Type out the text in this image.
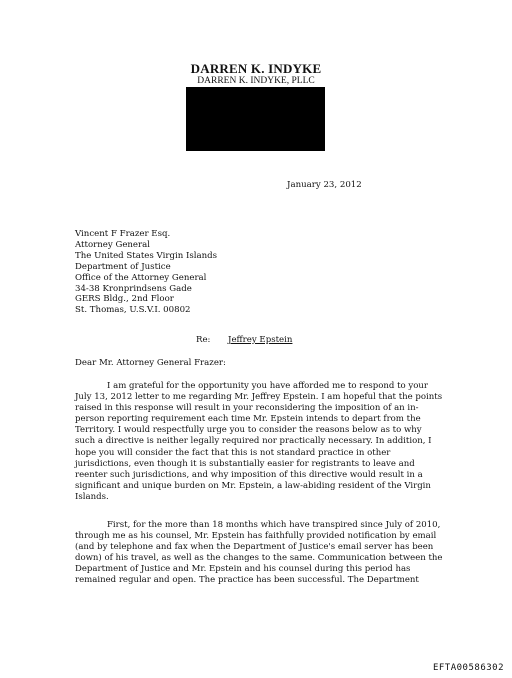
DARREN K. INDYKE
DARREN K. INDYKE, PLLC
January 23, 2012
Vincent F Frazer Esq.
Attorney General
The United States Virgin Islands
Department of Justice
Office of the Attorney General
34-38 Kronprindsens Gade
GERS Bldg., 2nd Floor
St. Thomas, U.S.V.I. 00802
Re: Jeffrey Epstein
Dear Mr. Attorney General Frazer:
I am grateful for the opportunity you have afforded me to respond to your
July 13, 2012 letter to me regarding Mr. Jeffrey Epstein. I am hopeful that the points
raised in this response will result in your reconsidering the imposition of an in-
person reporting requirement each time Mr. Epstein intends to depart from the
Territory. I would respectfully urge you to consider the reasons below as to why
such a directive is neither legally required nor practically necessary. In addition, I
hope you will consider the fact that this is not standard practice in other
jurisdictions, even though it is substantially easier for registrants to leave and
reenter such jurisdictions, and why imposition of this directive would result in a
significant and unique burden on Mr. Epstein, a law-abiding resident of the Virgin
Islands.
First, for the more than 18 months which have transpired since July of 2010,
through me as his counsel, Mr. Epstein has faithfully provided notification by email
(and by telephone and fax when the Department of Justice's email server has been
down) of his travel, as well as the changes to the same. Communication between the
Department of Justice and Mr. Epstein and his counsel during this period has
remained regular and open. The practice has been successful. The Department
EFTA00586302
